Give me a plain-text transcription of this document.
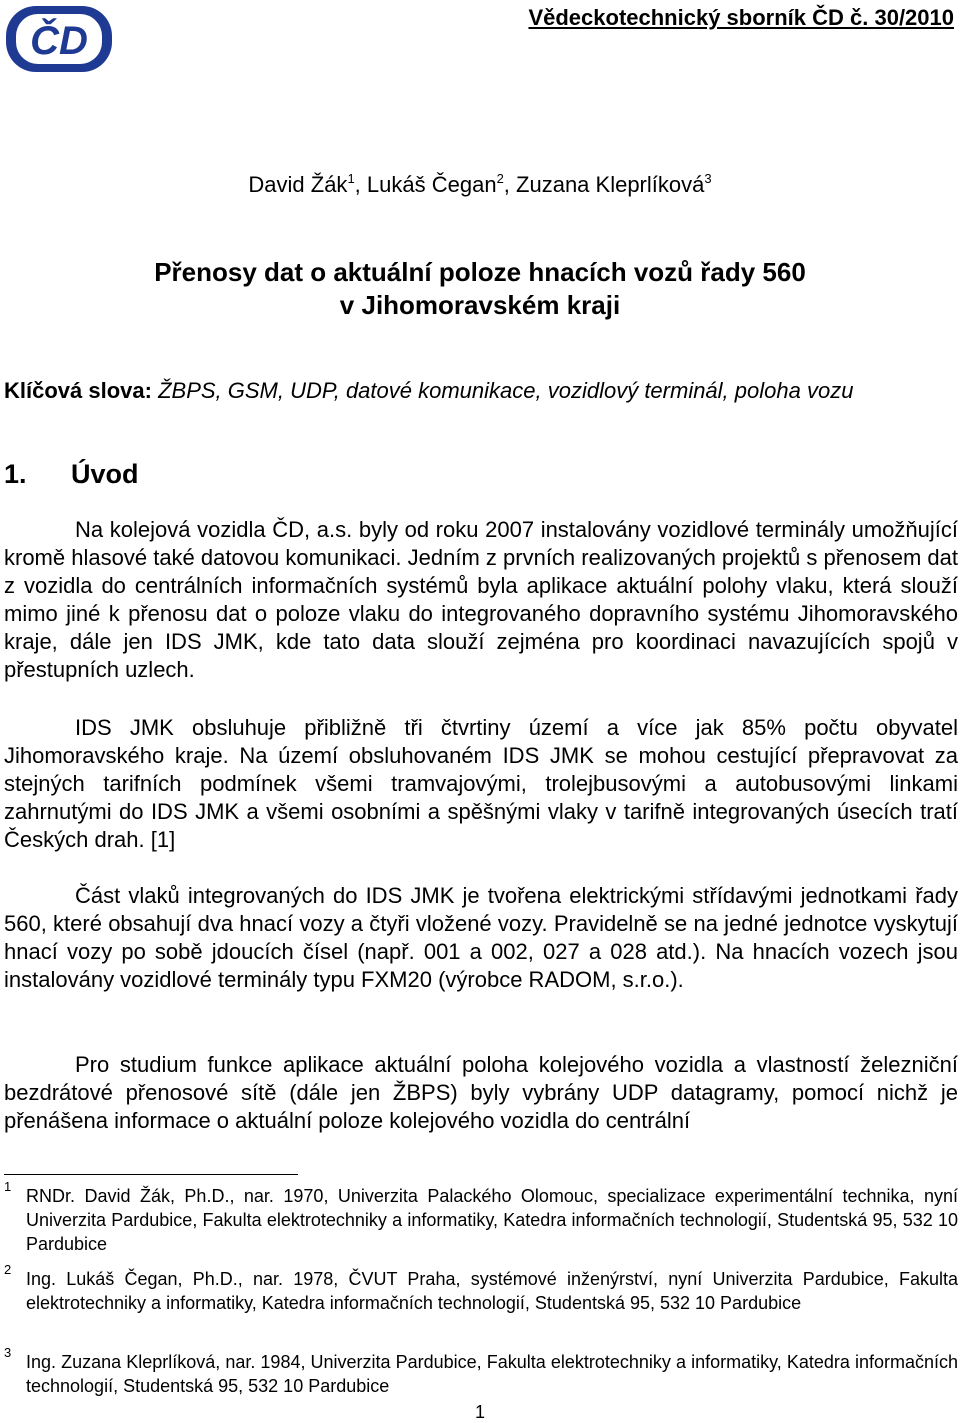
ČD
Vědeckotechnický sborník ČD č. 30/2010
David Žák$^1$, Lukáš Čegan$^2$, Zuzana Kleprlíková$^3$
Přenosy dat o aktuální poloze hnacích vozů řady 560
v Jihomoravském kraji
Klíčová slova: ŽBPS, GSM, UDP, datové komunikace, vozidlový terminál, poloha vozu
1. Úvod

Na kolejová vozidla ČD, a.s. byly od roku 2007 instalovány vozidlové terminály umožňující kromě hlasové také datovou komunikaci. Jedním z prvních realizovaných projektů s přenosem dat z vozidla do centrálních informačních systémů byla aplikace aktuální polohy vlaku, která slouží mimo jiné k přenosu dat o poloze vlaku do integrovaného dopravního systému Jihomoravského kraje, dále jen IDS JMK, kde tato data slouží zejména pro koordinaci navazujících spojů v přestupních uzlech.

IDS JMK obsluhuje přibližně tři čtvrtiny území a více jak 85% počtu obyvatel Jihomoravského kraje. Na území obsluhovaném IDS JMK se mohou cestující přepravovat za stejných tarifních podmínek všemi tramvajovými, trolejbusovými a autobusovými linkami zahrnutými do IDS JMK a všemi osobními a spěšnými vlaky v tarifně integrovaných úsecích tratí Českých drah. [1]

Část vlaků integrovaných do IDS JMK je tvořena elektrickými střídavými jednotkami řady 560, které obsahují dva hnací vozy a čtyři vložené vozy. Pravidelně se na jedné jednotce vyskytují hnací vozy po sobě jdoucích čísel (např. 001 a 002, 027 a 028 atd.). Na hnacích vozech jsou instalovány vozidlové terminály typu FXM20 (výrobce RADOM, s.r.o.).

Pro studium funkce aplikace aktuální poloha kolejového vozidla a vlastností železniční bezdrátové přenosové sítě (dále jen ŽBPS) byly vybrány UDP datagramy, pomocí nichž je přenášena informace o aktuální poloze kolejového vozidla do centrální

1 RNDr. David Žák, Ph.D., nar. 1970, Univerzita Palackého Olomouc, specializace experimentální technika, nyní Univerzita Pardubice, Fakulta elektrotechniky a informatiky, Katedra informačních technologií, Studentská 95, 532 10 Pardubice

2 Ing. Lukáš Čegan, Ph.D., nar. 1978, ČVUT Praha, systémové inženýrství, nyní Univerzita Pardubice, Fakulta elektrotechniky a informatiky, Katedra informačních technologií, Studentská 95, 532 10 Pardubice

3 Ing. Zuzana Kleprlíková, nar. 1984, Univerzita Pardubice, Fakulta elektrotechniky a informatiky, Katedra informačních technologií, Studentská 95, 532 10 Pardubice

1
